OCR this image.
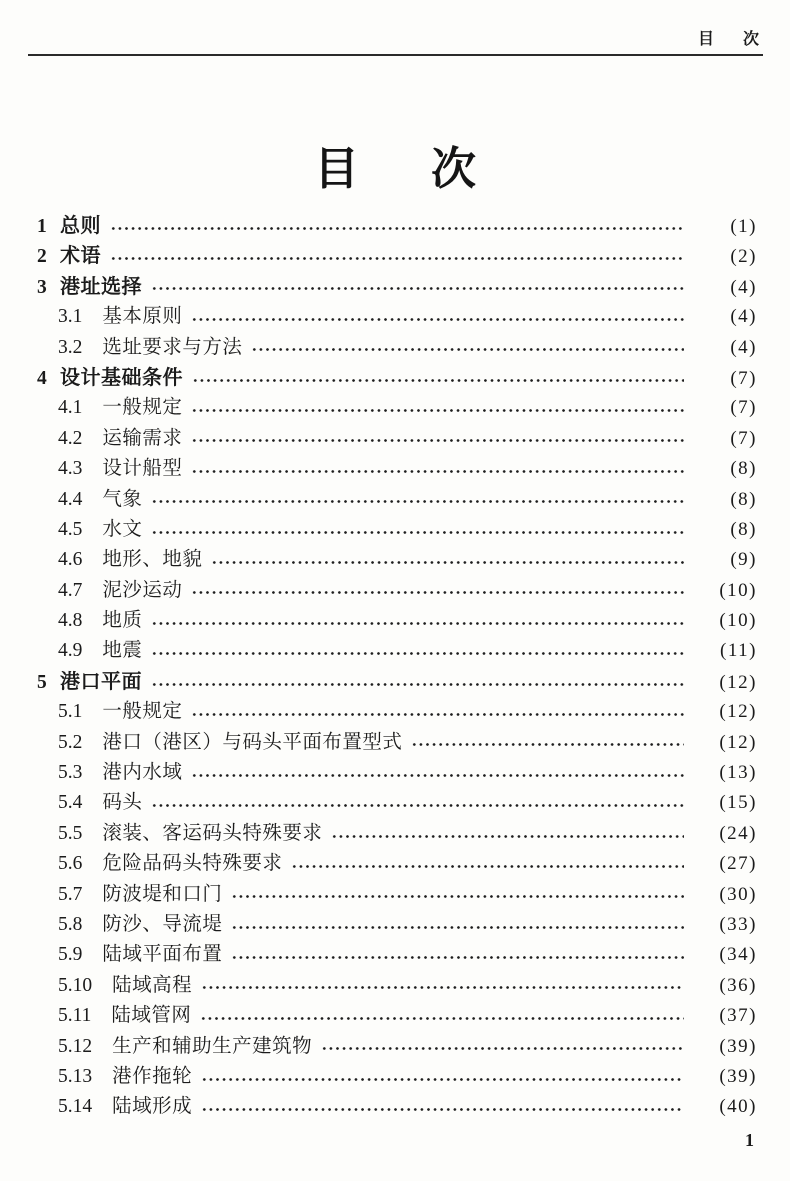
目 次
目 次
1 总则	(1)
2 术语	(2)
3 港址选择	(4)
3.1 基本原则	(4)
3.2 选址要求与方法	(4)
4 设计基础条件	(7)
4.1 一般规定	(7)
4.2 运输需求	(7)
4.3 设计船型	(8)
4.4 气象	(8)
4.5 水文	(8)
4.6 地形、地貌	(9)
4.7 泥沙运动	(10)
4.8 地质	(10)
4.9 地震	(11)
5 港口平面	(12)
5.1 一般规定	(12)
5.2 港口（港区）与码头平面布置型式	(12)
5.3 港内水域	(13)
5.4 码头	(15)
5.5 滚装、客运码头特殊要求	(24)
5.6 危险品码头特殊要求	(27)
5.7 防波堤和口门	(30)
5.8 防沙、导流堤	(33)
5.9 陆域平面布置	(34)
5.10 陆域高程	(36)
5.11 陆域管网	(37)
5.12 生产和辅助生产建筑物	(39)
5.13 港作拖轮	(39)
5.14 陆域形成	(40)
1
